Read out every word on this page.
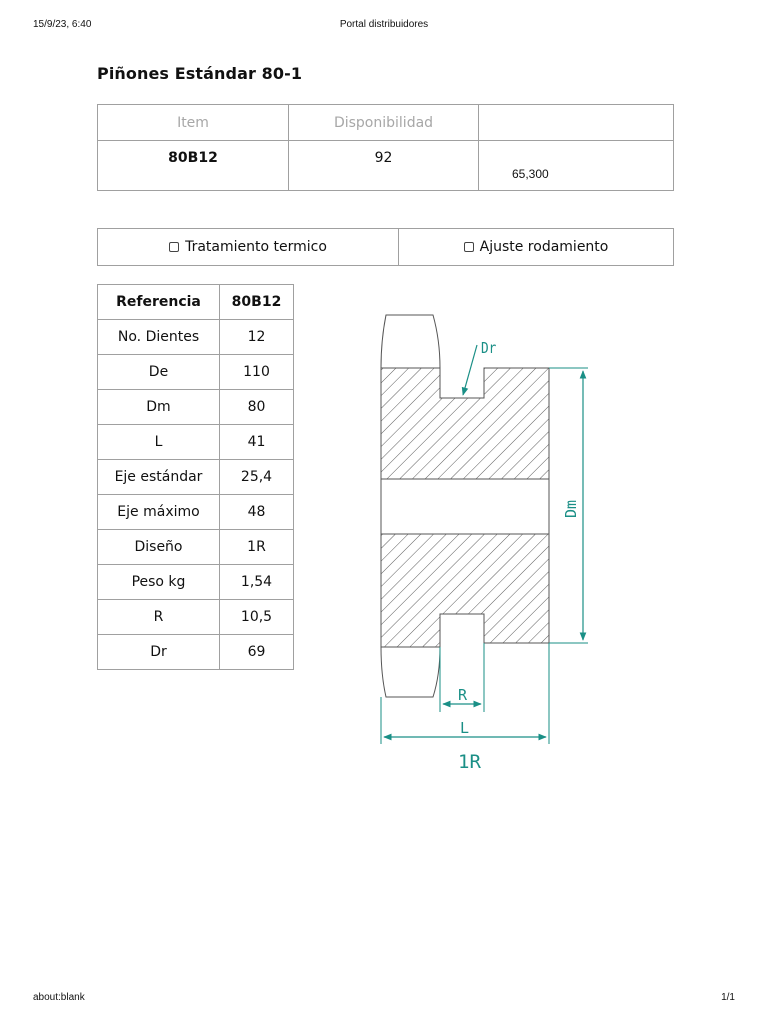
15/9/23, 6:40	Portal distribuidores
Piñones Estándar 80-1
Item	Disponibilidad	

80B12	92	65,300
Tratamiento termico	Ajuste rodamiento
Referencia	80B12
No. Dientes	12
De	110
Dm	80
L	41
Eje estándar	25,4
Eje máximo	48
Diseño	1R
Peso kg	1,54
R	10,5
Dr	69
Dr
Dm
R
L
1R
about:blank	1/1
